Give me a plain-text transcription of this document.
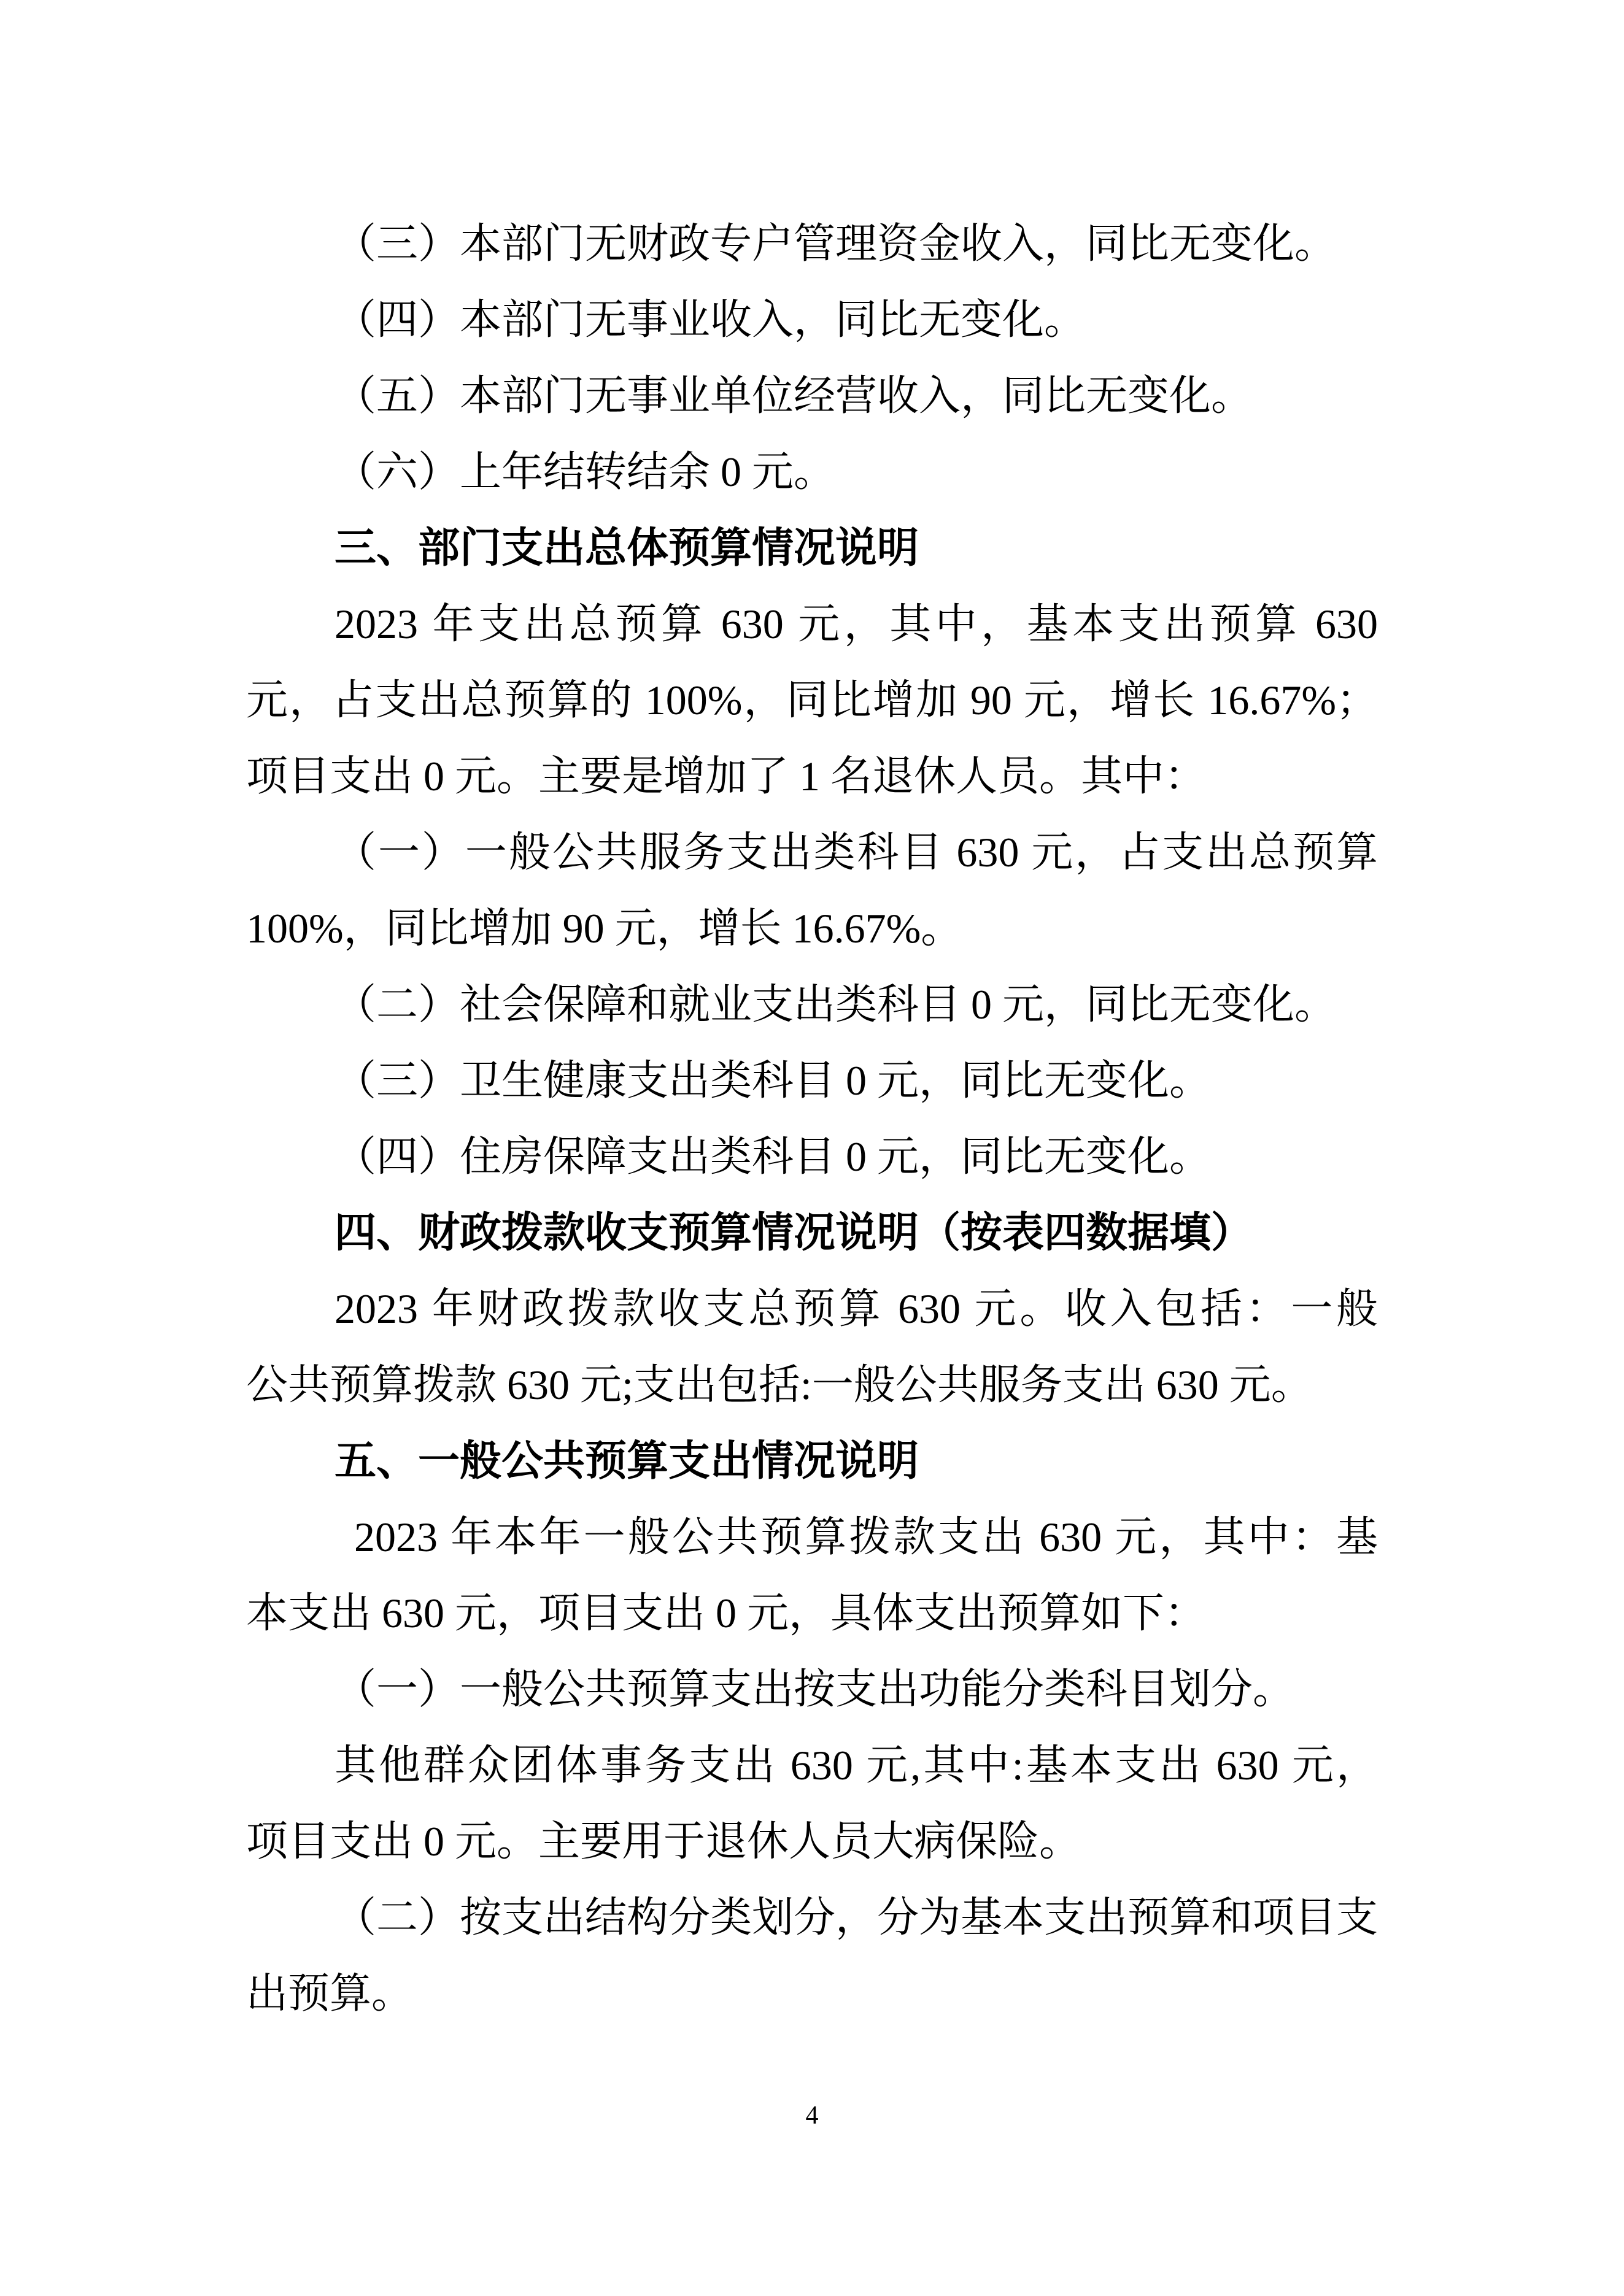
（三）本部门无财政专户管理资金收入，同比无变化。
（四）本部门无事业收入，同比无变化。
（五）本部门无事业单位经营收入，同比无变化。
（六）上年结转结余 0 元。
三、部门支出总体预算情况说明
2023 年支出总预算 630 元，其中，基本支出预算 630
元，占支出总预算的 100%，同比增加 90 元，增长 16.67%；
项目支出 0 元。主要是增加了 1 名退休人员。其中：
（一）一般公共服务支出类科目 630 元，占支出总预算
100%，同比增加 90 元，增长 16.67%。
（二）社会保障和就业支出类科目 0 元，同比无变化。
（三）卫生健康支出类科目 0 元，同比无变化。
（四）住房保障支出类科目 0 元，同比无变化。
四、财政拨款收支预算情况说明（按表四数据填）
2023 年财政拨款收支总预算 630 元。收入包括：一般
公共预算拨款 630 元;支出包括:一般公共服务支出 630 元。
五、一般公共预算支出情况说明
2023 年本年一般公共预算拨款支出 630 元，其中：基
本支出 630 元，项目支出 0 元，具体支出预算如下：
（一）一般公共预算支出按支出功能分类科目划分。
其他群众团体事务支出 630 元,其中:基本支出 630 元，
项目支出 0 元。主要用于退休人员大病保险。
（二）按支出结构分类划分，分为基本支出预算和项目支
出预算。
4
